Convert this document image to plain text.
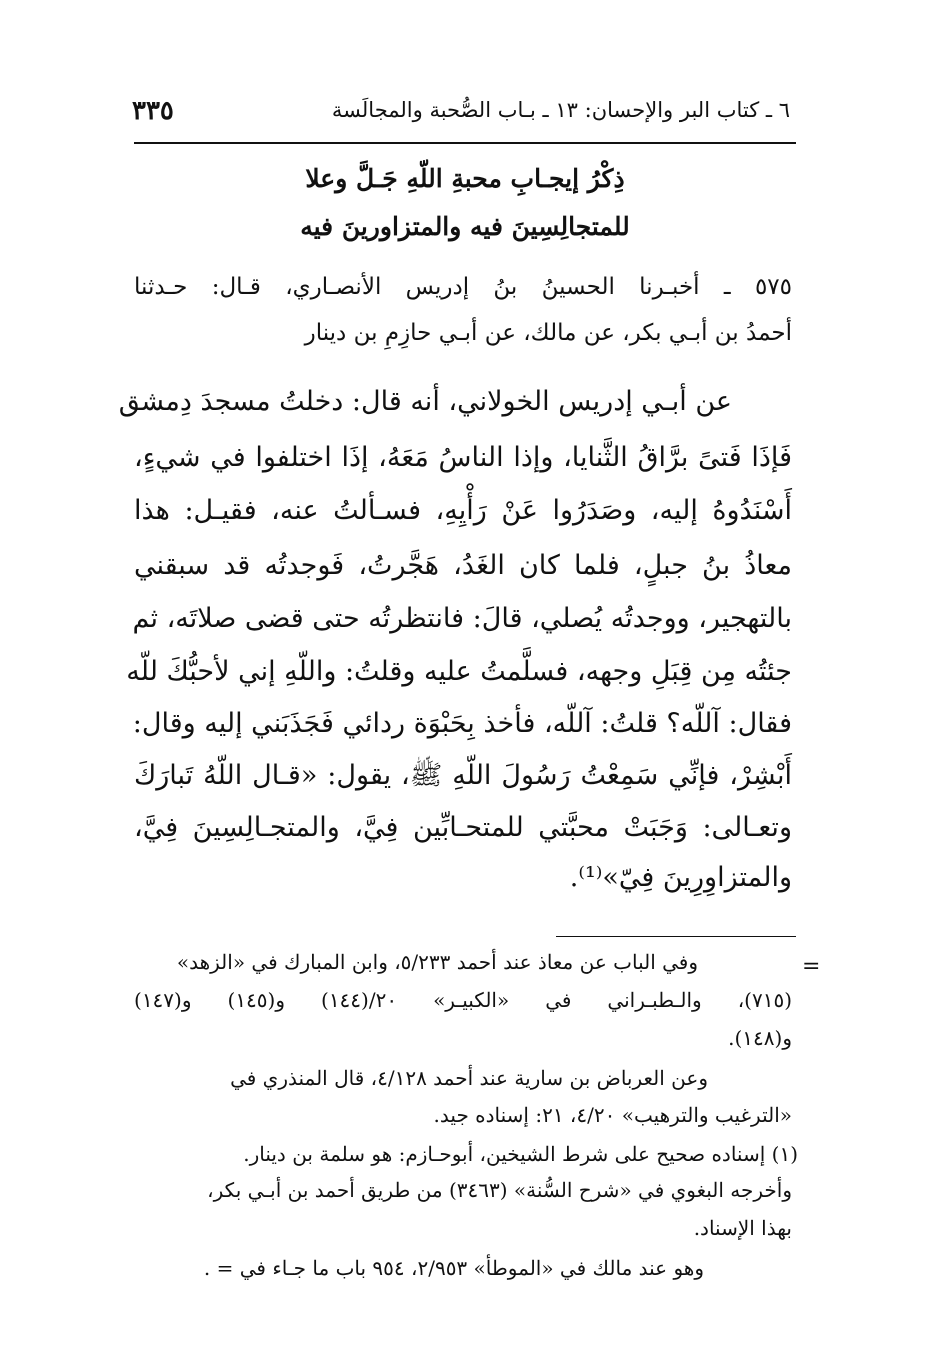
٦ ـ كتاب البر والإحسان: ١٣ ـ بـاب الصُّحبة والمجالَسة
٣٣٥
ذِكْرُ إيجـابِ محبةِ اللّهِ جَـلَّ وعلا
للمتجالِسِينَ فيه والمتزاورينَ فيه
٥٧٥ ـ أخبـرنا الحسينُ بنُ إدريس الأنصـاري، قـال: حـدثنا
أحمدُ بن أبـي بكر، عن مالك، عن أبـي حازِمِ بن دينار
عن أبـي إدريس الخولاني، أنه قال: دخلتُ مسجدَ دِمشق
فَإذَا فَتىً برَّاقُ الثَّنايا، وإذا الناسُ مَعَهُ، إذَا اختلفوا في شيءٍ،
أَسْنَدُوهُ إليه، وصَدَرُوا عَنْ رَأْيِهِ، فسـألتُ عنه، فقيـل: هذا
معاذُ بنُ جبلٍ، فلما كان الغَدُ، هَجَّرتُ، فَوجدتُه قد سبقني
بالتهجير، ووجدتُه يُصلي، قالَ: فانتظرتُه حتى قضى صلاتَه، ثم
جئتُه مِن قِبَلِ وجهه، فسلَّمتُ عليه وقلتُ: واللّهِ إني لأحبُّكَ للّه
فقال: آللّه؟ قلتُ: آللّه، فأخذ بِحَبْوَة ردائي فَجَذَبَني إليه وقال:
أَبْشِرْ، فإنِّي سَمِعْتُ رَسُولَ اللّهِ ﷺ، يقول: «قـال اللّهُ تَبارَكَ
وتعـالى: وَجَبَتْ محبَّتي للمتحـابِّين فِيَّ، والمتجـالِسِينَ فِيَّ،
والمتزاوِرِينَ فِيّ»⁽¹⁾.
=
وفي الباب عن معاذ عند أحمد ٥/٢٣٣، وابن المبارك في «الزهد»
(٧١٥)، والـطبـراني في «الكبيـر» ٢٠/(١٤٤) و(١٤٥) و(١٤٧)
و(١٤٨).
وعن العرباض بن سارية عند أحمد ٤/١٢٨، قال المنذري في
«الترغيب والترهيب» ٤/٢٠، ٢١: إسناده جيد.
(١) إسناده صحيح على شرط الشيخين، أبوحـازم: هو سلمة بن دينار.
وأخرجه البغوي في «شرح السُّنة» (٣٤٦٣) من طريق أحمد بن أبـي بكر،
بهذا الإسناد.
وهو عند مالك في «الموطأ» ٢/٩٥٣، ٩٥٤ باب ما جـاء في = .
